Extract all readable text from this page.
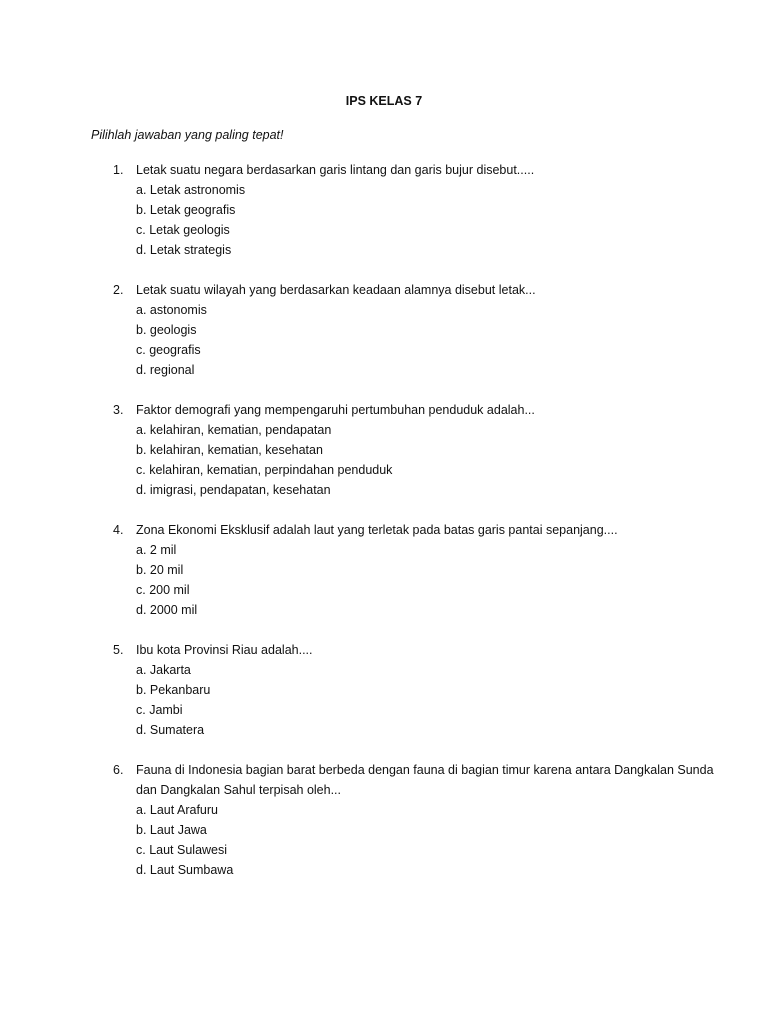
IPS KELAS 7
Pilihlah jawaban yang paling tepat!
1.	Letak suatu negara berdasarkan garis lintang dan garis bujur disebut.....
a. Letak astronomis
b. Letak geografis
c. Letak geologis
d. Letak strategis
2.	Letak suatu wilayah yang berdasarkan keadaan alamnya disebut letak...
a. astonomis
b. geologis
c. geografis
d. regional
3.	Faktor demografi yang mempengaruhi pertumbuhan penduduk adalah...
a. kelahiran, kematian, pendapatan
b. kelahiran, kematian, kesehatan
c. kelahiran, kematian, perpindahan penduduk
d. imigrasi, pendapatan, kesehatan
4.	Zona Ekonomi Eksklusif adalah laut yang terletak pada batas garis pantai sepanjang....
a. 2 mil
b. 20 mil
c. 200 mil
d. 2000 mil
5.	Ibu kota Provinsi Riau adalah....
a. Jakarta
b. Pekanbaru
c. Jambi
d. Sumatera
6.	Fauna di Indonesia bagian barat berbeda dengan fauna di bagian timur karena antara Dangkalan Sunda dan Dangkalan Sahul terpisah oleh...
a. Laut Arafuru
b. Laut Jawa
c. Laut Sulawesi
d. Laut Sumbawa
